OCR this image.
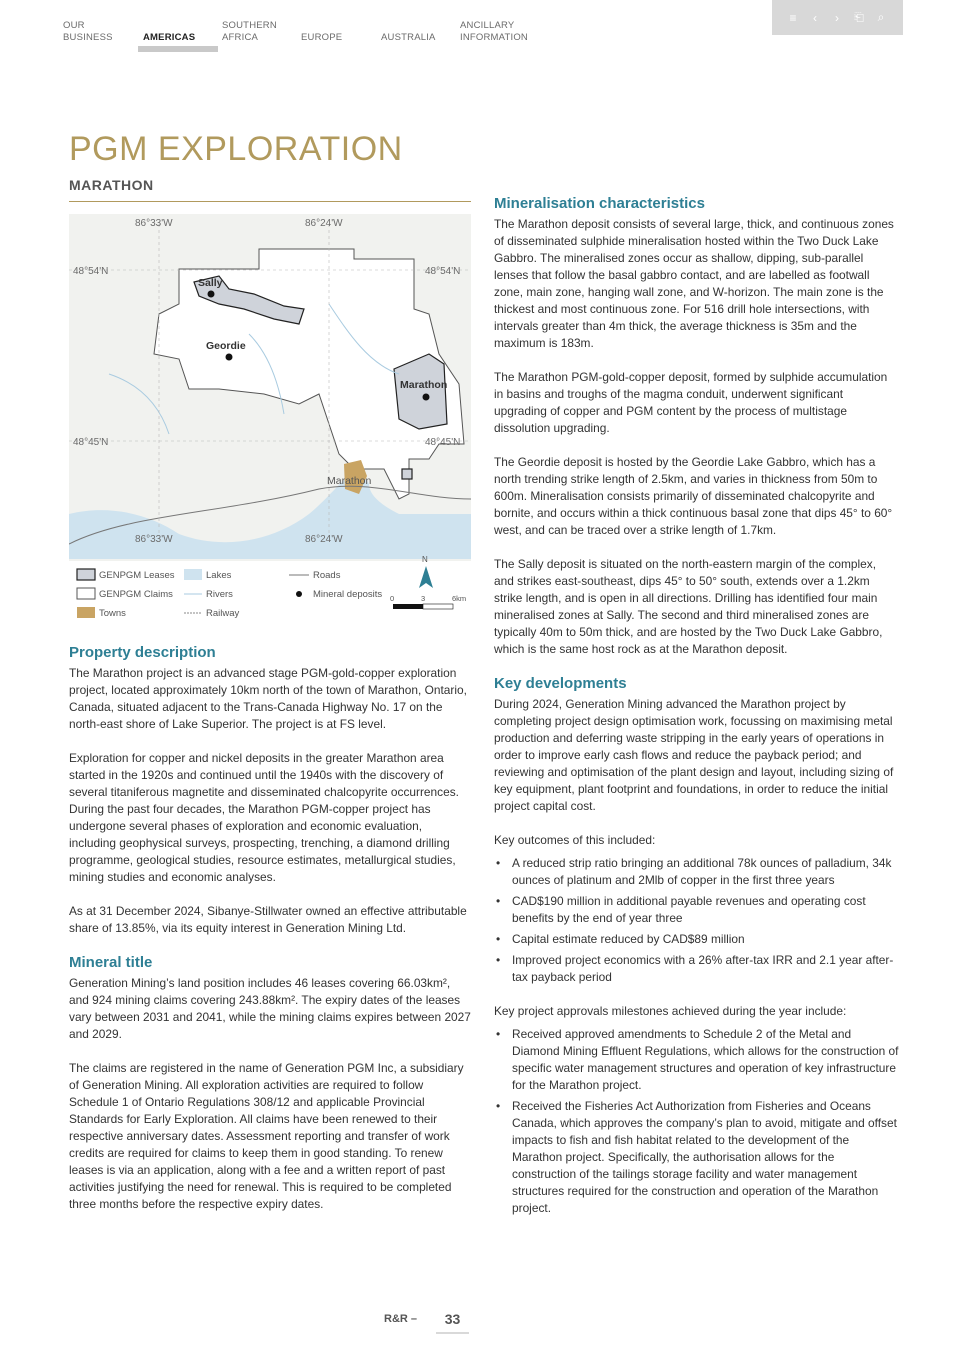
OUR
BUSINESS	AMERICAS
SOUTHERN
AFRICA	EUROPE	AUSTRALIA
ANCILLARY
INFORMATION
≡	‹	›	⎗ ⌕
PGM EXPLORATION
MARATHON
86°33'W	86°24'W
48°54'N	48°54'N
48°45'N	48°45'N
86°33'W	86°24'W
Sally
Geordie
Marathon
Marathon
GENPGM Leases	Lakes	Roads
GENPGM Claims	Rivers	Mineral deposits
Towns	Railway
N
0	3	6km
Property description

The Marathon project is an advanced stage PGM-gold-copper exploration project, located approximately 10km north of the town of Marathon, Ontario, Canada, situated adjacent to the Trans-Canada Highway No. 17 on the north-east shore of Lake Superior. The project is at FS level.

Exploration for copper and nickel deposits in the greater Marathon area started in the 1920s and continued until the 1940s with the discovery of several titaniferous magnetite and disseminated chalcopyrite occurrences. During the past four decades, the Marathon PGM-copper project has undergone several phases of exploration and economic evaluation, including geophysical surveys, prospecting, trenching, a diamond drilling programme, geological studies, resource estimates, metallurgical studies, mining studies and economic analyses.

As at 31 December 2024, Sibanye-Stillwater owned an effective attributable share of 13.85%, via its equity interest in Generation Mining Ltd.

Mineral title

Generation Mining’s land position includes 46 leases covering 66.03km², and 924 mining claims covering 243.88km². The expiry dates of the leases vary between 2031 and 2041, while the mining claims expires between 2027 and 2029.

The claims are registered in the name of Generation PGM Inc, a subsidiary of Generation Mining. All exploration activities are required to follow Schedule 1 of Ontario Regulations 308/12 and applicable Provincial Standards for Early Exploration. All claims have been renewed to their respective anniversary dates. Assessment reporting and transfer of work credits are required for claims to keep them in good standing. To renew leases is via an application, along with a fee and a written report of past activities justifying the need for renewal. This is required to be completed three months before the respective expiry dates.

Mineralisation characteristics

The Marathon deposit consists of several large, thick, and continuous zones of disseminated sulphide mineralisation hosted within the Two Duck Lake Gabbro. The mineralised zones occur as shallow, dipping, sub-parallel lenses that follow the basal gabbro contact, and are labelled as footwall zone, main zone, hanging wall zone, and W-horizon. The main zone is the thickest and most continuous zone. For 516 drill hole intersections, with intervals greater than 4m thick, the average thickness is 35m and the maximum is 183m.

The Marathon PGM-gold-copper deposit, formed by sulphide accumulation in basins and troughs of the magma conduit, underwent significant upgrading of copper and PGM content by the process of multistage dissolution upgrading.

The Geordie deposit is hosted by the Geordie Lake Gabbro, which has a north trending strike length of 2.5km, and varies in thickness from 50m to 600m. Mineralisation consists primarily of disseminated chalcopyrite and bornite, and occurs within a thick continuous basal zone that dips 45° to 60° west, and can be traced over a strike length of 1.7km.

The Sally deposit is situated on the north-eastern margin of the complex, and strikes east-southeast, dips 45° to 50° south, extends over a 1.2km strike length, and is open in all directions. Drilling has identified four main mineralised zones at Sally. The second and third mineralised zones are typically 40m to 50m thick, and are hosted by the Two Duck Lake Gabbro, which is the same host rock as at the Marathon deposit.

Key developments

During 2024, Generation Mining advanced the Marathon project by completing project design optimisation work, focussing on maximising metal production and deferring waste stripping in the early years of operations in order to improve early cash flows and reduce the payback period; and reviewing and optimisation of the plant design and layout, including sizing of key equipment, plant footprint and foundations, in order to reduce the initial project capital cost.

Key outcomes of this included:

• A reduced strip ratio bringing an additional 78k ounces of palladium, 34k ounces of platinum and 2Mlb of copper in the first three years
• CAD$190 million in additional payable revenues and operating cost benefits by the end of year three
• Capital estimate reduced by CAD$89 million
• Improved project economics with a 26% after-tax IRR and 2.1 year after-tax payback period

Key project approvals milestones achieved during the year include:

• Received approved amendments to Schedule 2 of the Metal and Diamond Mining Effluent Regulations, which allows for the construction of specific water management structures and operation of key infrastructure for the Marathon project.
• Received the Fisheries Act Authorization from Fisheries and Oceans Canada, which approves the company’s plan to avoid, mitigate and offset impacts to fish and fish habitat related to the development of the Marathon project. Specifically, the authorisation allows for the construction of the tailings storage facility and water management structures required for the construction and operation of the Marathon project.
R&R –	33
